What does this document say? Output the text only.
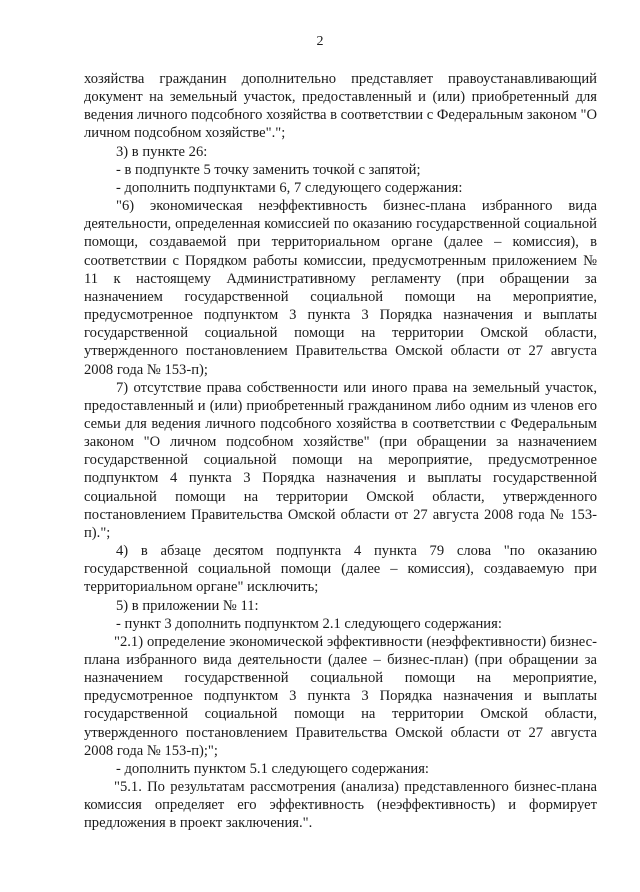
2

хозяйства гражданин дополнительно представляет правоустанавливающий документ на земельный участок, предоставленный и (или) приобретенный для ведения личного подсобного хозяйства в соответствии с Федеральным законом "О личном подсобном хозяйстве".";

3) в пункте 26:

- в подпункте 5 точку заменить точкой с запятой;

- дополнить подпунктами 6, 7 следующего содержания:

"6) экономическая неэффективность бизнес-плана избранного вида деятельности, определенная комиссией по оказанию государственной социальной помощи, создаваемой при территориальном органе (далее – комиссия), в соответствии с Порядком работы комиссии, предусмотренным приложением № 11 к настоящему Административному регламенту (при обращении за назначением государственной социальной помощи на мероприятие, предусмотренное подпунктом 3 пункта 3 Порядка назначения и выплаты государственной социальной помощи на территории Омской области, утвержденного постановлением Правительства Омской области от 27 августа 2008 года № 153-п);

7) отсутствие права собственности или иного права на земельный участок, предоставленный и (или) приобретенный гражданином либо одним из членов его семьи для ведения личного подсобного хозяйства в соответствии с Федеральным законом "О личном подсобном хозяйстве" (при обращении за назначением государственной социальной помощи на мероприятие, предусмотренное подпунктом 4 пункта 3 Порядка назначения и выплаты государственной социальной помощи на территории Омской области, утвержденного постановлением Правительства Омской области от 27 августа 2008 года № 153-п).";

4) в абзаце десятом подпункта 4 пункта 79 слова "по оказанию государственной социальной помощи (далее – комиссия), создаваемую при территориальном органе" исключить;

5) в приложении № 11:

- пункт 3 дополнить подпунктом 2.1 следующего содержания:

"2.1) определение экономической эффективности (неэффективности) бизнес-плана избранного вида деятельности (далее – бизнес-план) (при обращении за назначением государственной социальной помощи на мероприятие, предусмотренное подпунктом 3 пункта 3 Порядка назначения и выплаты государственной социальной помощи на территории Омской области, утвержденного постановлением Правительства Омской области от 27 августа 2008 года № 153-п);";

- дополнить пунктом 5.1 следующего содержания:

"5.1. По результатам рассмотрения (анализа) представленного бизнес-плана комиссия определяет его эффективность (неэффективность) и формирует предложения в проект заключения.".
